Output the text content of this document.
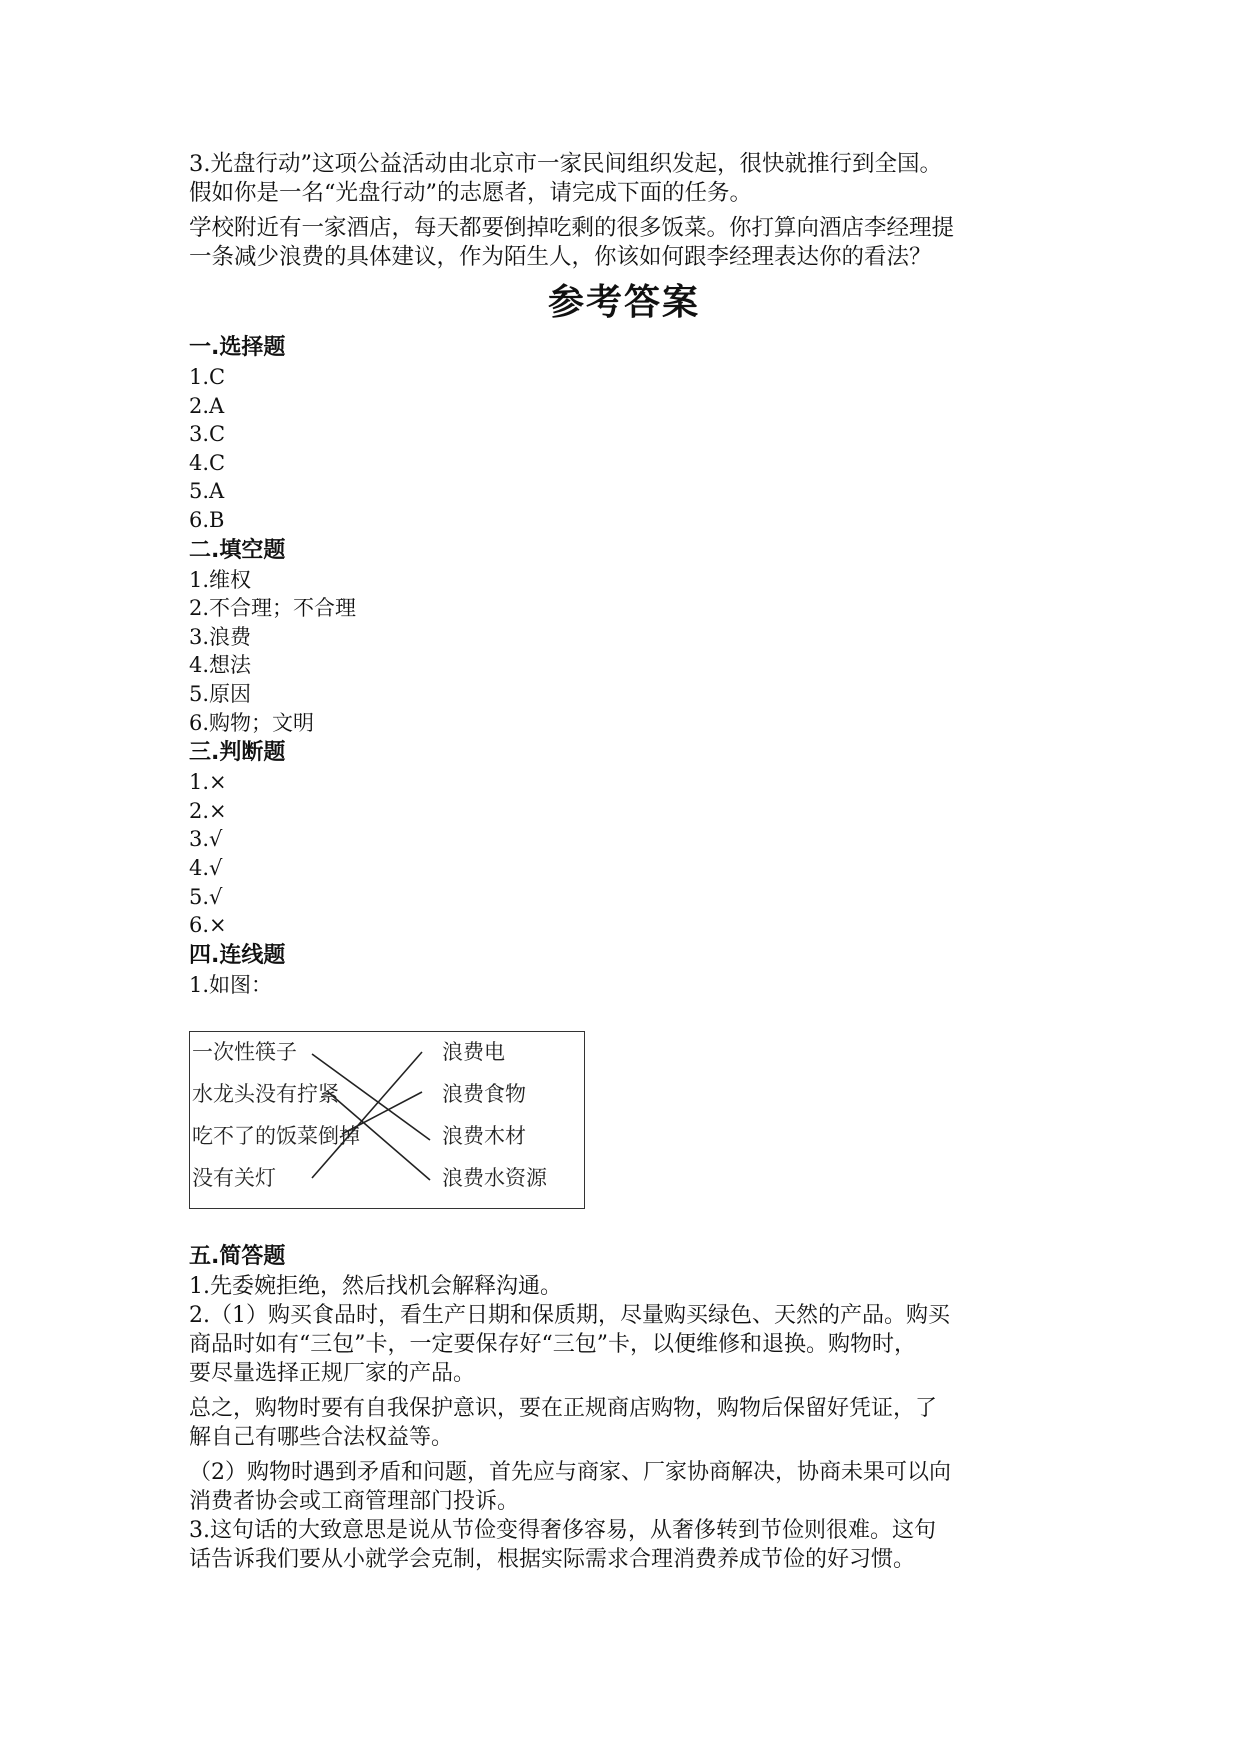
3.光盘行动”这项公益活动由北京市一家民间组织发起，很快就推行到全国。

假如你是一名“光盘行动”的志愿者，请完成下面的任务。

学校附近有一家酒店，每天都要倒掉吃剩的很多饭菜。你打算向酒店李经理提

一条减少浪费的具体建议，作为陌生人，你该如何跟李经理表达你的看法？

参考答案
一.选择题
1.C
2.A
3.C
4.C
5.A
6.B
二.填空题
1.维权
2.不合理；不合理
3.浪费
4.想法
5.原因
6.购物；文明
三.判断题
1.×
2.×
3.√
4.√
5.√
6.×
四.连线题
1.如图：
一次性筷子
水龙头没有拧紧
吃不了的饭菜倒掉
没有关灯
浪费电
浪费食物
浪费木材
浪费水资源
五.简答题

1.先委婉拒绝，然后找机会解释沟通。

2.（1）购买食品时，看生产日期和保质期，尽量购买绿色、天然的产品。购买

商品时如有“三包”卡，一定要保存好“三包”卡，以便维修和退换。购物时，

要尽量选择正规厂家的产品。

总之，购物时要有自我保护意识，要在正规商店购物，购物后保留好凭证，了

解自己有哪些合法权益等。

（2）购物时遇到矛盾和问题，首先应与商家、厂家协商解决，协商未果可以向

消费者协会或工商管理部门投诉。

3.这句话的大致意思是说从节俭变得奢侈容易，从奢侈转到节俭则很难。这句

话告诉我们要从小就学会克制，根据实际需求合理消费养成节俭的好习惯。
